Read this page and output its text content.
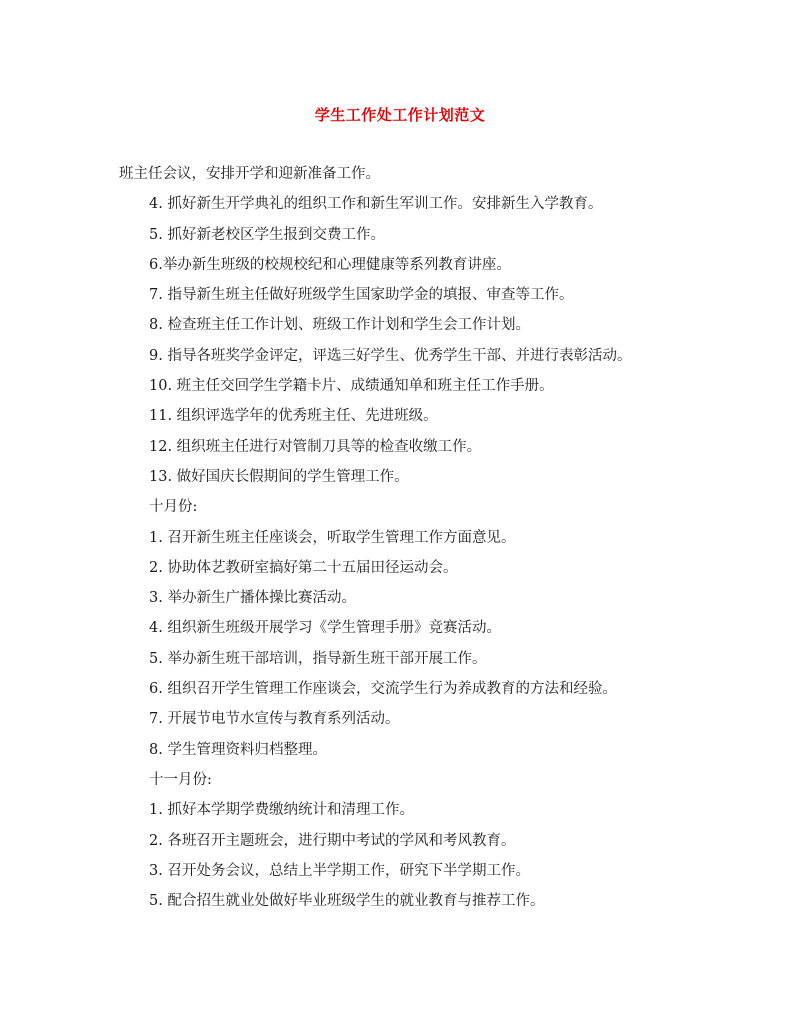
学生工作处工作计划范文
班主任会议，安排开学和迎新准备工作。
4. 抓好新生开学典礼的组织工作和新生军训工作。安排新生入学教育。
5. 抓好新老校区学生报到交费工作。
6.举办新生班级的校规校纪和心理健康等系列教育讲座。
7. 指导新生班主任做好班级学生国家助学金的填报、审查等工作。
8. 检查班主任工作计划、班级工作计划和学生会工作计划。
9. 指导各班奖学金评定，评选三好学生、优秀学生干部、并进行表彰活动。
10. 班主任交回学生学籍卡片、成绩通知单和班主任工作手册。
11. 组织评选学年的优秀班主任、先进班级。
12. 组织班主任进行对管制刀具等的检查收缴工作。
13. 做好国庆长假期间的学生管理工作。
十月份:
1. 召开新生班主任座谈会，听取学生管理工作方面意见。
2. 协助体艺教研室搞好第二十五届田径运动会。
3. 举办新生广播体操比赛活动。
4. 组织新生班级开展学习《学生管理手册》竞赛活动。
5. 举办新生班干部培训，指导新生班干部开展工作。
6. 组织召开学生管理工作座谈会，交流学生行为养成教育的方法和经验。
7. 开展节电节水宣传与教育系列活动。
8. 学生管理资料归档整理。
十一月份:
1. 抓好本学期学费缴纳统计和清理工作。
2. 各班召开主题班会，进行期中考试的学风和考风教育。
3. 召开处务会议，总结上半学期工作，研究下半学期工作。
5. 配合招生就业处做好毕业班级学生的就业教育与推荐工作。
